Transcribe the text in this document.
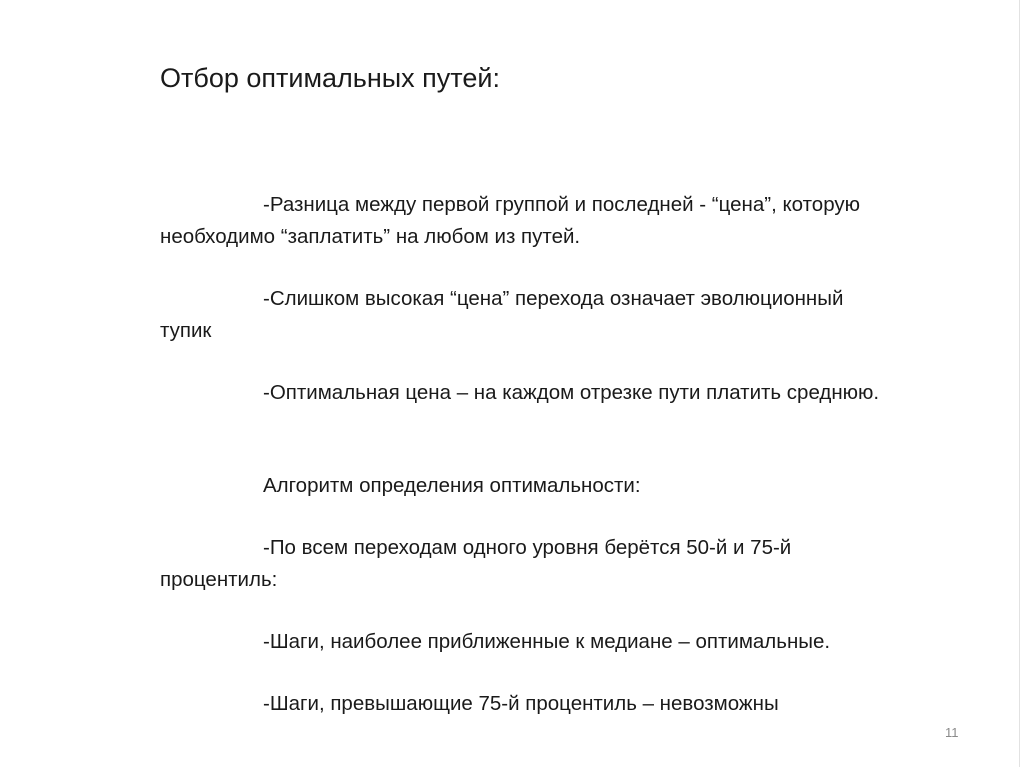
Отбор оптимальных путей:

-Разница между первой группой и последней - “цена”, которую необходимо “заплатить” на любом из путей.

-Слишком высокая “цена” перехода означает эволюционный тупик

-Оптимальная цена – на каждом отрезке пути платить среднюю.

Алгоритм определения оптимальности:

-По всем переходам одного уровня берётся 50-й и 75-й процентиль:

-Шаги, наиболее приближенные к медиане – оптимальные.

-Шаги, превышающие 75-й процентиль – невозможны

11
